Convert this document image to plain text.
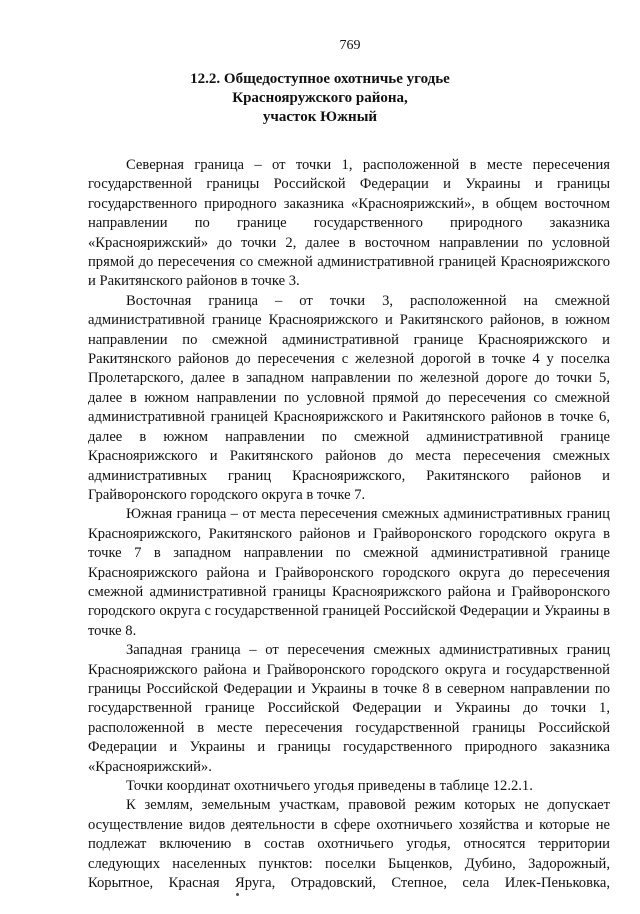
769
12.2. Общедоступное охотничье угодье
Краснояружского района,
участок Южный

Северная граница – от точки 1, расположенной в месте пересечения государственной границы Российской Федерации и Украины и границы государственного природного заказника «Красноярижский», в общем восточном направлении по границе государственного природного заказника «Красноярижский» до точки 2, далее в восточном направлении по условной прямой до пересечения со смежной административной границей Красноярижского и Ракитянского районов в точке 3.

Восточная граница – от точки 3, расположенной на смежной административной границе Красноярижского и Ракитянского районов, в южном направлении по смежной административной границе Красноярижского и Ракитянского районов до пересечения с железной дорогой в точке 4 у поселка Пролетарского, далее в западном направлении по железной дороге до точки 5, далее в южном направлении по условной прямой до пересечения со смежной административной границей Красноярижского и Ракитянского районов в точке 6, далее в южном направлении по смежной административной границе Красноярижского и Ракитянского районов до места пересечения смежных административных границ Красноярижского, Ракитянского районов и Грайворонского городского округа в точке 7.

Южная граница – от места пересечения смежных административных границ Красноярижского, Ракитянского районов и Грайворонского городского округа в точке 7 в западном направлении по смежной административной границе Красноярижского района и Грайворонского городского округа до пересечения смежной административной границы Красноярижского района и Грайворонского городского округа с государственной границей Российской Федерации и Украины в точке 8.

Западная граница – от пересечения смежных административных границ Красноярижского района и Грайворонского городского округа и государственной границы Российской Федерации и Украины в точке 8 в северном направлении по государственной границе Российской Федерации и Украины до точки 1, расположенной в месте пересечения государственной границы Российской Федерации и Украины и границы государственного природного заказника «Красноярижский».

Точки координат охотничьего угодья приведены в таблице 12.2.1.

К землям, земельным участкам, правовой режим которых не допускает осуществление видов деятельности в сфере охотничьего хозяйства и которые не подлежат включению в состав охотничьего угодья, относятся территории следующих населенных пунктов: поселки Быценков, Дубино, Задорожный, Корытное, Красная Яруга, Отрадовский, Степное, села Илек-Пеньковка,
